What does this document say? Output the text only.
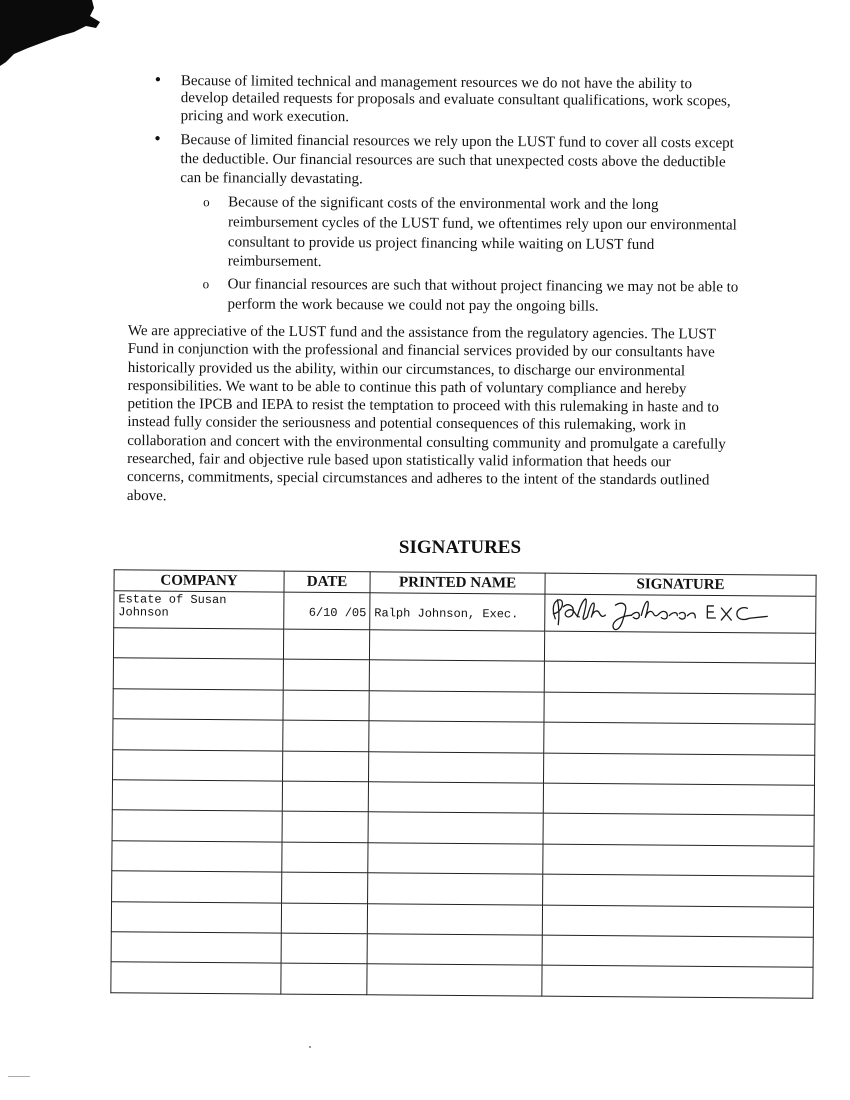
● Because of limited technical and management resources we do not have the ability to
develop detailed requests for proposals and evaluate consultant qualifications, work scopes,
pricing and work execution.
● Because of limited financial resources we rely upon the LUST fund to cover all costs except
the deductible. Our financial resources are such that unexpected costs above the deductible
can be financially devastating.
o Because of the significant costs of the environmental work and the long
reimbursement cycles of the LUST fund, we oftentimes rely upon our environmental
consultant to provide us project financing while waiting on LUST fund
reimbursement.
o Our financial resources are such that without project financing we may not be able to
perform the work because we could not pay the ongoing bills.
We are appreciative of the LUST fund and the assistance from the regulatory agencies. The LUST
Fund in conjunction with the professional and financial services provided by our consultants have
historically provided us the ability, within our circumstances, to discharge our environmental
responsibilities. We want to be able to continue this path of voluntary compliance and hereby
petition the IPCB and IEPA to resist the temptation to proceed with this rulemaking in haste and to
instead fully consider the seriousness and potential consequences of this rulemaking, work in
collaboration and concert with the environmental consulting community and promulgate a carefully
researched, fair and objective rule based upon statistically valid information that heeds our
concerns, commitments, special circumstances and adheres to the intent of the standards outlined
above.
SIGNATURES
COMPANY	DATE	PRINTED NAME	SIGNATURE

Estate of Susan
Johnson	6/10 /05	Ralph Johnson, Exec.
